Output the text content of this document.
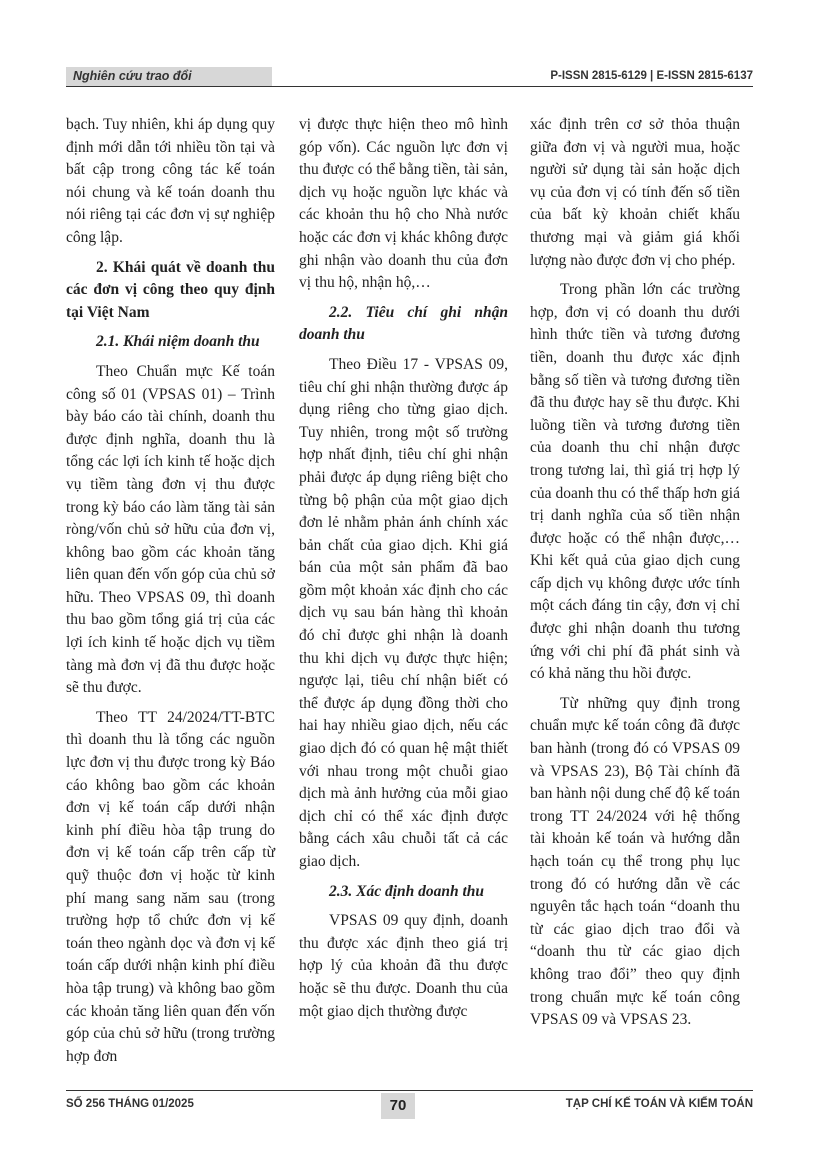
Nghiên cứu trao đổi	P-ISSN 2815-6129 | E-ISSN 2815-6137

bạch. Tuy nhiên, khi áp dụng quy định mới dẫn tới nhiều tồn tại và bất cập trong công tác kế toán nói chung và kế toán doanh thu nói riêng tại các đơn vị sự nghiệp công lập.

2. Khái quát về doanh thu các đơn vị công theo quy định tại Việt Nam
2.1. Khái niệm doanh thu

Theo Chuẩn mực Kế toán công số 01 (VPSAS 01) – Trình bày báo cáo tài chính, doanh thu được định nghĩa, doanh thu là tổng các lợi ích kinh tế hoặc dịch vụ tiềm tàng đơn vị thu được trong kỳ báo cáo làm tăng tài sản ròng/vốn chủ sở hữu của đơn vị, không bao gồm các khoản tăng liên quan đến vốn góp của chủ sở hữu. Theo VPSAS 09, thì doanh thu bao gồm tổng giá trị của các lợi ích kinh tế hoặc dịch vụ tiềm tàng mà đơn vị đã thu được hoặc sẽ thu được.

Theo TT 24/2024/TT-BTC thì doanh thu là tổng các nguồn lực đơn vị thu được trong kỳ Báo cáo không bao gồm các khoản đơn vị kế toán cấp dưới nhận kinh phí điều hòa tập trung do đơn vị kế toán cấp trên cấp từ quỹ thuộc đơn vị hoặc từ kinh phí mang sang năm sau (trong trường hợp tổ chức đơn vị kế toán theo ngành dọc và đơn vị kế toán cấp dưới nhận kinh phí điều hòa tập trung) và không bao gồm các khoản tăng liên quan đến vốn góp của chủ sở hữu (trong trường hợp đơn

vị được thực hiện theo mô hình góp vốn). Các nguồn lực đơn vị thu được có thể bằng tiền, tài sản, dịch vụ hoặc nguồn lực khác và các khoản thu hộ cho Nhà nước hoặc các đơn vị khác không được ghi nhận vào doanh thu của đơn vị thu hộ, nhận hộ,…

2.2. Tiêu chí ghi nhận doanh thu

Theo Điều 17 - VPSAS 09, tiêu chí ghi nhận thường được áp dụng riêng cho từng giao dịch. Tuy nhiên, trong một số trường hợp nhất định, tiêu chí ghi nhận phải được áp dụng riêng biệt cho từng bộ phận của một giao dịch đơn lẻ nhằm phản ánh chính xác bản chất của giao dịch. Khi giá bán của một sản phẩm đã bao gồm một khoản xác định cho các dịch vụ sau bán hàng thì khoản đó chỉ được ghi nhận là doanh thu khi dịch vụ được thực hiện; ngược lại, tiêu chí nhận biết có thể được áp dụng đồng thời cho hai hay nhiều giao dịch, nếu các giao dịch đó có quan hệ mật thiết với nhau trong một chuỗi giao dịch mà ảnh hưởng của mỗi giao dịch chỉ có thể xác định được bằng cách xâu chuỗi tất cả các giao dịch.

2.3. Xác định doanh thu

VPSAS 09 quy định, doanh thu được xác định theo giá trị hợp lý của khoản đã thu được hoặc sẽ thu được. Doanh thu của một giao dịch thường được

xác định trên cơ sở thỏa thuận giữa đơn vị và người mua, hoặc người sử dụng tài sản hoặc dịch vụ của đơn vị có tính đến số tiền của bất kỳ khoản chiết khấu thương mại và giảm giá khối lượng nào được đơn vị cho phép.

Trong phần lớn các trường hợp, đơn vị có doanh thu dưới hình thức tiền và tương đương tiền, doanh thu được xác định bằng số tiền và tương đương tiền đã thu được hay sẽ thu được. Khi luồng tiền và tương đương tiền của doanh thu chỉ nhận được trong tương lai, thì giá trị hợp lý của doanh thu có thể thấp hơn giá trị danh nghĩa của số tiền nhận được hoặc có thể nhận được,… Khi kết quả của giao dịch cung cấp dịch vụ không được ước tính một cách đáng tin cậy, đơn vị chỉ được ghi nhận doanh thu tương ứng với chi phí đã phát sinh và có khả năng thu hồi được.

Từ những quy định trong chuẩn mực kế toán công đã được ban hành (trong đó có VPSAS 09 và VPSAS 23), Bộ Tài chính đã ban hành nội dung chế độ kế toán trong TT 24/2024 với hệ thống tài khoản kế toán và hướng dẫn hạch toán cụ thể trong phụ lục trong đó có hướng dẫn về các nguyên tắc hạch toán “doanh thu từ các giao dịch trao đổi và “doanh thu từ các giao dịch không trao đổi” theo quy định trong chuẩn mực kế toán công VPSAS 09 và VPSAS 23.

SỐ 256 THÁNG 01/2025	70	TẠP CHÍ KẾ TOÁN VÀ KIỂM TOÁN
